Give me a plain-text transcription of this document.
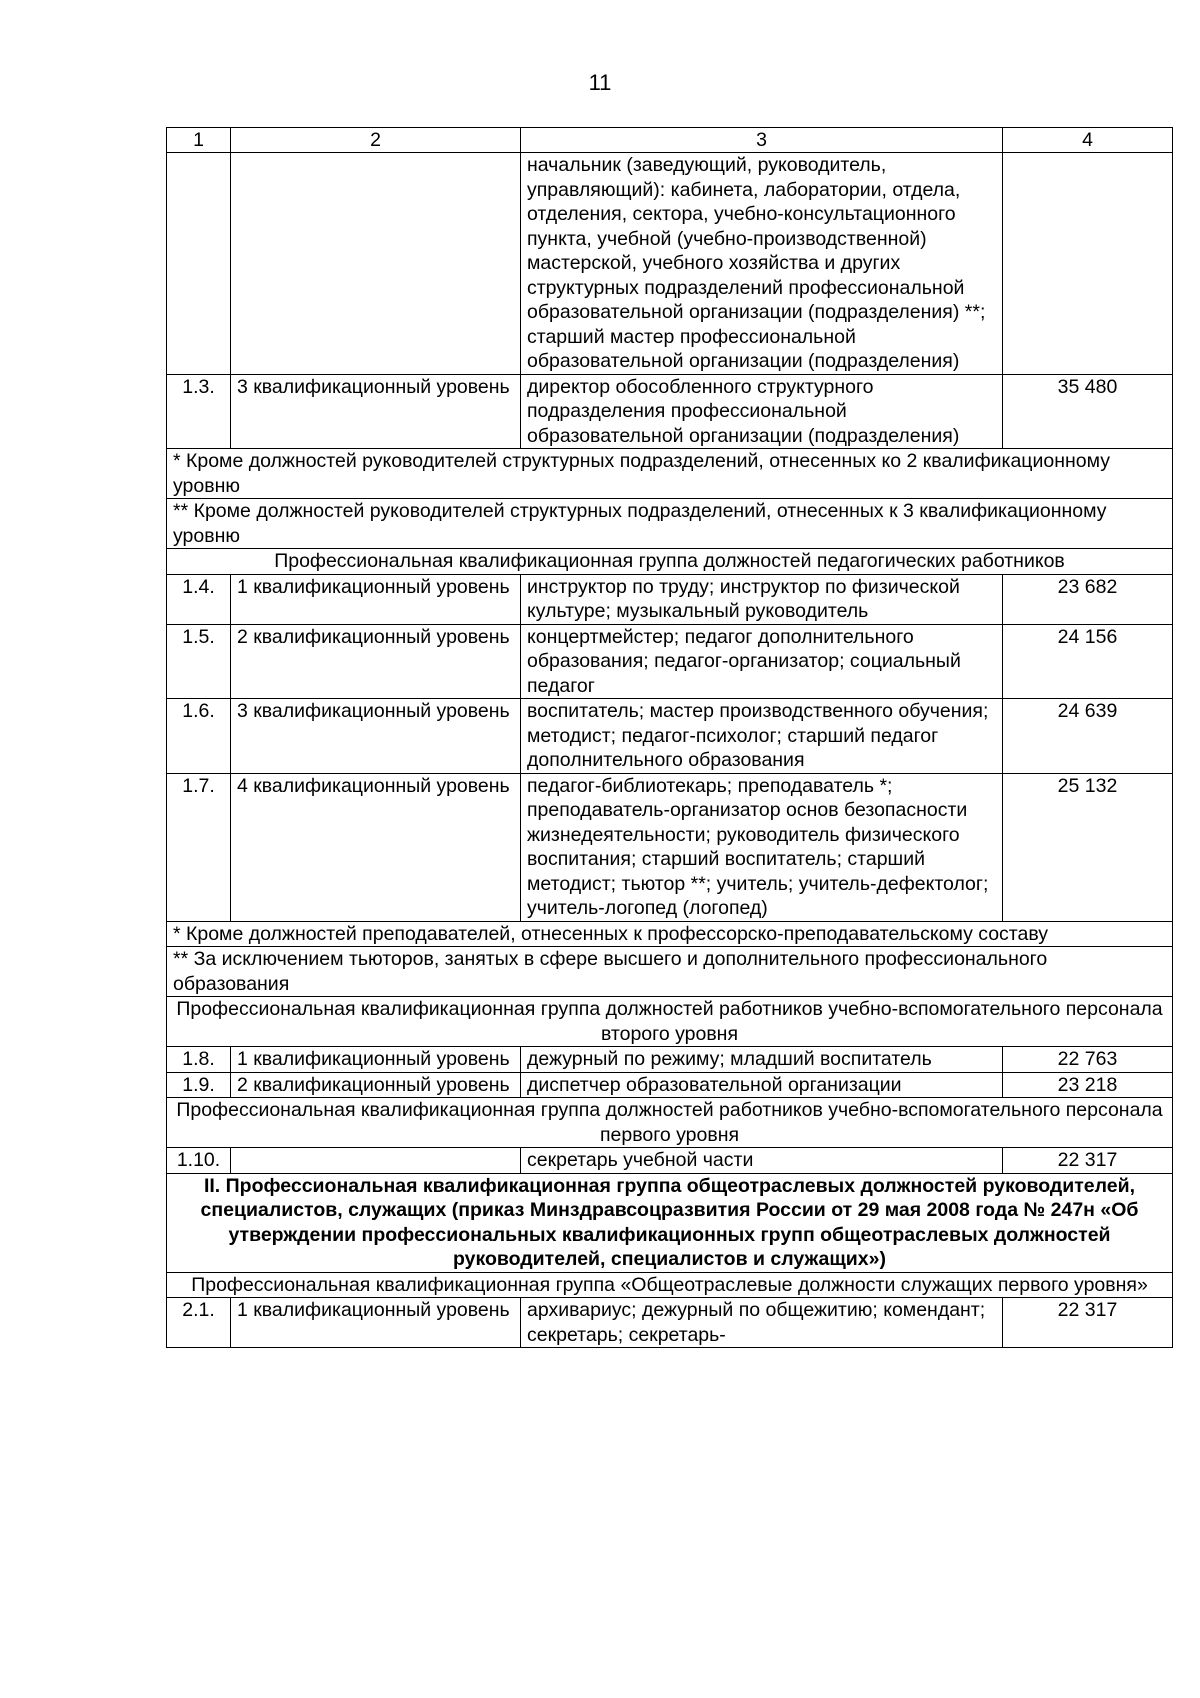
11
1	2	3	4
		начальник (заведующий, руководитель, управляющий): кабинета, лаборатории, отдела, отделения, сектора, учебно-консультационного пункта, учебной (учебно-производственной) мастерской, учебного хозяйства и других структурных подразделений профессиональной образовательной организации (подразделения) **; старший мастер профессиональной образовательной организации (подразделения)	
1.3.	3 квалификационный уровень	директор обособленного структурного подразделения профессиональной образовательной организации (подразделения)	35 480
* Кроме должностей руководителей структурных подразделений, отнесенных ко 2 квалификационному уровню			
** Кроме должностей руководителей структурных подразделений, отнесенных к 3 квалификационному уровню			
Профессиональная квалификационная группа должностей педагогических работников			
1.4.	1 квалификационный уровень	инструктор по труду; инструктор по физической культуре; музыкальный руководитель	23 682
1.5.	2 квалификационный уровень	концертмейстер; педагог дополнительного образования; педагог-организатор; социальный педагог	24 156
1.6.	3 квалификационный уровень	воспитатель; мастер производственного обучения; методист; педагог-психолог; старший педагог дополнительного образования	24 639
1.7.	4 квалификационный уровень	педагог-библиотекарь; преподаватель *; преподаватель-организатор основ безопасности жизнедеятельности; руководитель физического воспитания; старший воспитатель; старший методист; тьютор **; учитель; учитель-дефектолог; учитель-логопед (логопед)	25 132
* Кроме должностей преподавателей, отнесенных к профессорско-преподавательскому составу			
** За исключением тьюторов, занятых в сфере высшего и дополнительного профессионального образования			
Профессиональная квалификационная группа должностей работников учебно-вспомогательного персонала второго уровня			
1.8.	1 квалификационный уровень	дежурный по режиму; младший воспитатель	22 763
1.9.	2 квалификационный уровень	диспетчер образовательной организации	23 218
Профессиональная квалификационная группа должностей работников учебно-вспомогательного персонала первого уровня			
1.10.		секретарь учебной части	22 317
II. Профессиональная квалификационная группа общеотраслевых должностей руководителей, специалистов, служащих (приказ Минздравсоцразвития России от 29 мая 2008 года № 247н «Об утверждении профессиональных квалификационных групп общеотраслевых должностей руководителей, специалистов и служащих»)			
Профессиональная квалификационная группа «Общеотраслевые должности служащих первого уровня»			
2.1.	1 квалификационный уровень	архивариус; дежурный по общежитию; комендант; секретарь; секретарь-	22 317
